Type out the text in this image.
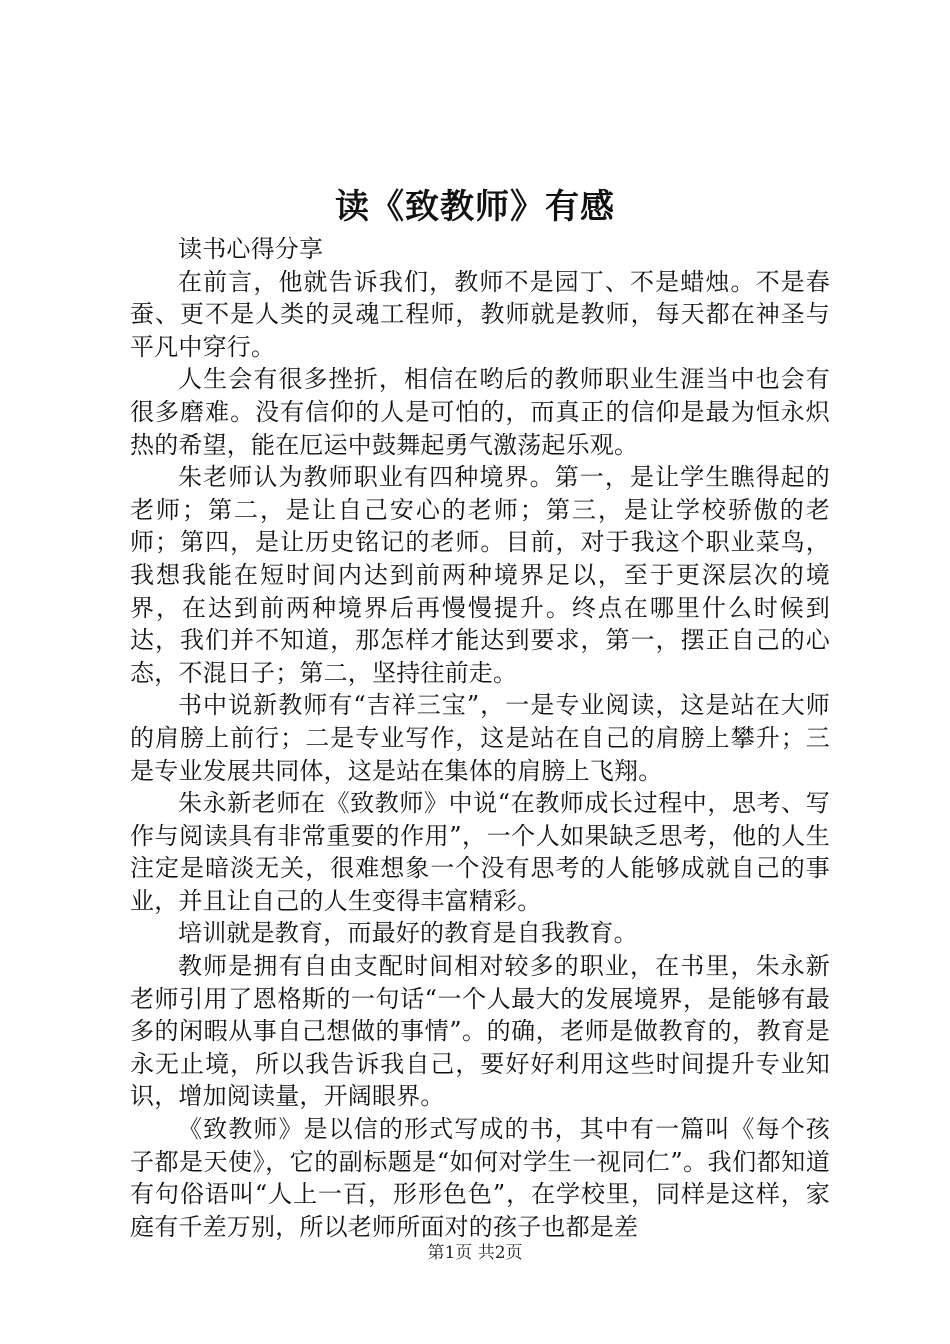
读《致教师》有感

读书心得分享

在前言，他就告诉我们，教师不是园丁、不是蜡烛。不是春蚕、更不是人类的灵魂工程师，教师就是教师，每天都在神圣与平凡中穿行。

人生会有很多挫折，相信在哟后的教师职业生涯当中也会有很多磨难。没有信仰的人是可怕的，而真正的信仰是最为恒永炽热的希望，能在厄运中鼓舞起勇气激荡起乐观。

朱老师认为教师职业有四种境界。第一，是让学生瞧得起的老师；第二，是让自己安心的老师；第三，是让学校骄傲的老师；第四，是让历史铭记的老师。目前，对于我这个职业菜鸟，我想我能在短时间内达到前两种境界足以，至于更深层次的境界，在达到前两种境界后再慢慢提升。终点在哪里什么时候到达，我们并不知道，那怎样才能达到要求，第一，摆正自己的心态，不混日子；第二，坚持往前走。

书中说新教师有“吉祥三宝”，一是专业阅读，这是站在大师的肩膀上前行；二是专业写作，这是站在自己的肩膀上攀升；三是专业发展共同体，这是站在集体的肩膀上飞翔。

朱永新老师在《致教师》中说“在教师成长过程中，思考、写作与阅读具有非常重要的作用”，一个人如果缺乏思考，他的人生注定是暗淡无关，很难想象一个没有思考的人能够成就自己的事业，并且让自己的人生变得丰富精彩。

培训就是教育，而最好的教育是自我教育。

教师是拥有自由支配时间相对较多的职业，在书里，朱永新老师引用了恩格斯的一句话“一个人最大的发展境界，是能够有最多的闲暇从事自己想做的事情”。的确，老师是做教育的，教育是永无止境，所以我告诉我自己，要好好利用这些时间提升专业知识，增加阅读量，开阔眼界。

《致教师》是以信的形式写成的书，其中有一篇叫《每个孩子都是天使》，它的副标题是“如何对学生一视同仁”。我们都知道有句俗语叫“人上一百，形形色色”，在学校里，同样是这样，家庭有千差万别，所以老师所面对的孩子也都是差

第1页 共2页
